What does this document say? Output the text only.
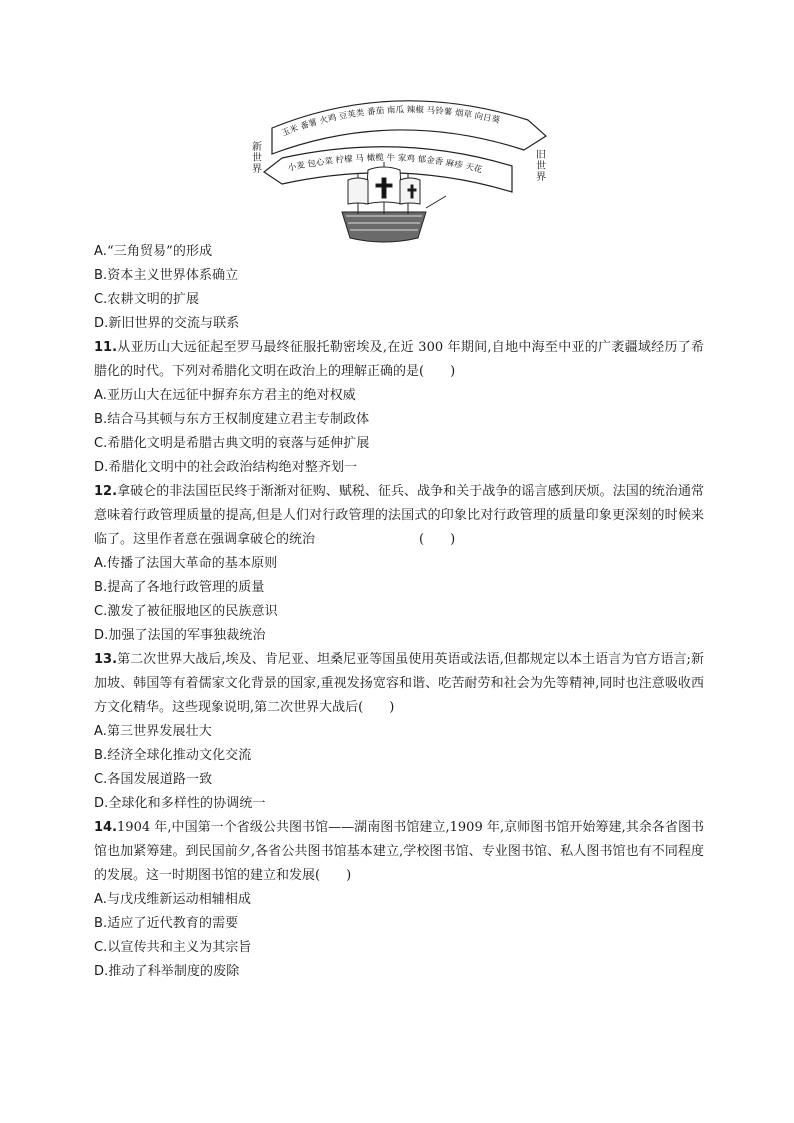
玉米 番薯 火鸡 豆荚类 番茄 南瓜 辣椒 马铃薯 烟草 向日葵
小麦 包心菜 柠檬 马 橄榄 牛 家鸡 郁金香 麻疹 天花
新世界
旧世界
A.“三角贸易”的形成
B.资本主义世界体系确立
C.农耕文明的扩展
D.新旧世界的交流与联系
11.从亚历山大远征起至罗马最终征服托勒密埃及,在近 300 年期间,自地中海至中亚的广袤疆域经历了希腊化的时代。下列对希腊化文明在政治上的理解正确的是(　　)
A.亚历山大在远征中摒弃东方君主的绝对权威
B.结合马其顿与东方王权制度建立君主专制政体
C.希腊化文明是希腊古典文明的衰落与延伸扩展
D.希腊化文明中的社会政治结构绝对整齐划一
12.拿破仑的非法国臣民终于渐渐对征购、赋税、征兵、战争和关于战争的谣言感到厌烦。法国的统治通常意味着行政管理质量的提高,但是人们对行政管理的法国式的印象比对行政管理的质量印象更深刻的时候来临了。这里作者意在强调拿破仑的统治　　　　　　　　(　　)
A.传播了法国大革命的基本原则
B.提高了各地行政管理的质量
C.激发了被征服地区的民族意识
D.加强了法国的军事独裁统治
13.第二次世界大战后,埃及、肯尼亚、坦桑尼亚等国虽使用英语或法语,但都规定以本土语言为官方语言;新加坡、韩国等有着儒家文化背景的国家,重视发扬宽容和谐、吃苦耐劳和社会为先等精神,同时也注意吸收西方文化精华。这些现象说明,第二次世界大战后(　　)
A.第三世界发展壮大
B.经济全球化推动文化交流
C.各国发展道路一致
D.全球化和多样性的协调统一
14.1904 年,中国第一个省级公共图书馆——湖南图书馆建立,1909 年,京师图书馆开始筹建,其余各省图书馆也加紧筹建。到民国前夕,各省公共图书馆基本建立,学校图书馆、专业图书馆、私人图书馆也有不同程度的发展。这一时期图书馆的建立和发展(　　)
A.与戊戌维新运动相辅相成
B.适应了近代教育的需要
C.以宣传共和主义为其宗旨
D.推动了科举制度的废除
